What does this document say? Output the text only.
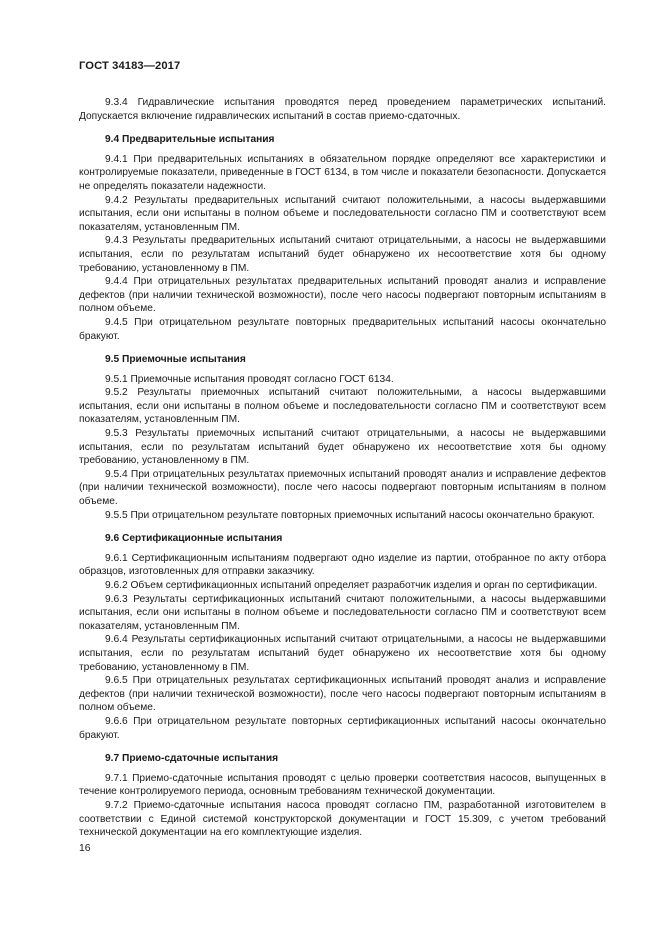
ГОСТ 34183—2017

9.3.4 Гидравлические испытания проводятся перед проведением параметрических испытаний. Допускается включение гидравлических испытаний в состав приемо-сдаточных.

9.4 Предварительные испытания

9.4.1 При предварительных испытаниях в обязательном порядке определяют все характеристики и контролируемые показатели, приведенные в ГОСТ 6134, в том числе и показатели безопасности. Допускается не определять показатели надежности.

9.4.2 Результаты предварительных испытаний считают положительными, а насосы выдержавшими испытания, если они испытаны в полном объеме и последовательности согласно ПМ и соответствуют всем показателям, установленным ПМ.

9.4.3 Результаты предварительных испытаний считают отрицательными, а насосы не выдержавшими испытания, если по результатам испытаний будет обнаружено их несоответствие хотя бы одному требованию, установленному в ПМ.

9.4.4 При отрицательных результатах предварительных испытаний проводят анализ и исправление дефектов (при наличии технической возможности), после чего насосы подвергают повторным испытаниям в полном объеме.

9.4.5 При отрицательном результате повторных предварительных испытаний насосы окончательно бракуют.

9.5 Приемочные испытания

9.5.1 Приемочные испытания проводят согласно ГОСТ 6134.

9.5.2 Результаты приемочных испытаний считают положительными, а насосы выдержавшими испытания, если они испытаны в полном объеме и последовательности согласно ПМ и соответствуют всем показателям, установленным ПМ.

9.5.3 Результаты приемочных испытаний считают отрицательными, а насосы не выдержавшими испытания, если по результатам испытаний будет обнаружено их несоответствие хотя бы одному требованию, установленному в ПМ.

9.5.4 При отрицательных результатах приемочных испытаний проводят анализ и исправление дефектов (при наличии технической возможности), после чего насосы подвергают повторным испытаниям в полном объеме.

9.5.5 При отрицательном результате повторных приемочных испытаний насосы окончательно бракуют.

9.6 Сертификационные испытания

9.6.1 Сертификационным испытаниям подвергают одно изделие из партии, отобранное по акту отбора образцов, изготовленных для отправки заказчику.

9.6.2 Объем сертификационных испытаний определяет разработчик изделия и орган по сертификации.

9.6.3 Результаты сертификационных испытаний считают положительными, а насосы выдержавшими испытания, если они испытаны в полном объеме и последовательности согласно ПМ и соответствуют всем показателям, установленным ПМ.

9.6.4 Результаты сертификационных испытаний считают отрицательными, а насосы не выдержавшими испытания, если по результатам испытаний будет обнаружено их несоответствие хотя бы одному требованию, установленному в ПМ.

9.6.5 При отрицательных результатах сертификационных испытаний проводят анализ и исправление дефектов (при наличии технической возможности), после чего насосы подвергают повторным испытаниям в полном объеме.

9.6.6 При отрицательном результате повторных сертификационных испытаний насосы окончательно бракуют.

9.7 Приемо-сдаточные испытания

9.7.1 Приемо-сдаточные испытания проводят с целью проверки соответствия насосов, выпущенных в течение контролируемого периода, основным требованиям технической документации.

9.7.2 Приемо-сдаточные испытания насоса проводят согласно ПМ, разработанной изготовителем в соответствии с Единой системой конструкторской документации и ГОСТ 15.309, с учетом требований технической документации на его комплектующие изделия.

16
